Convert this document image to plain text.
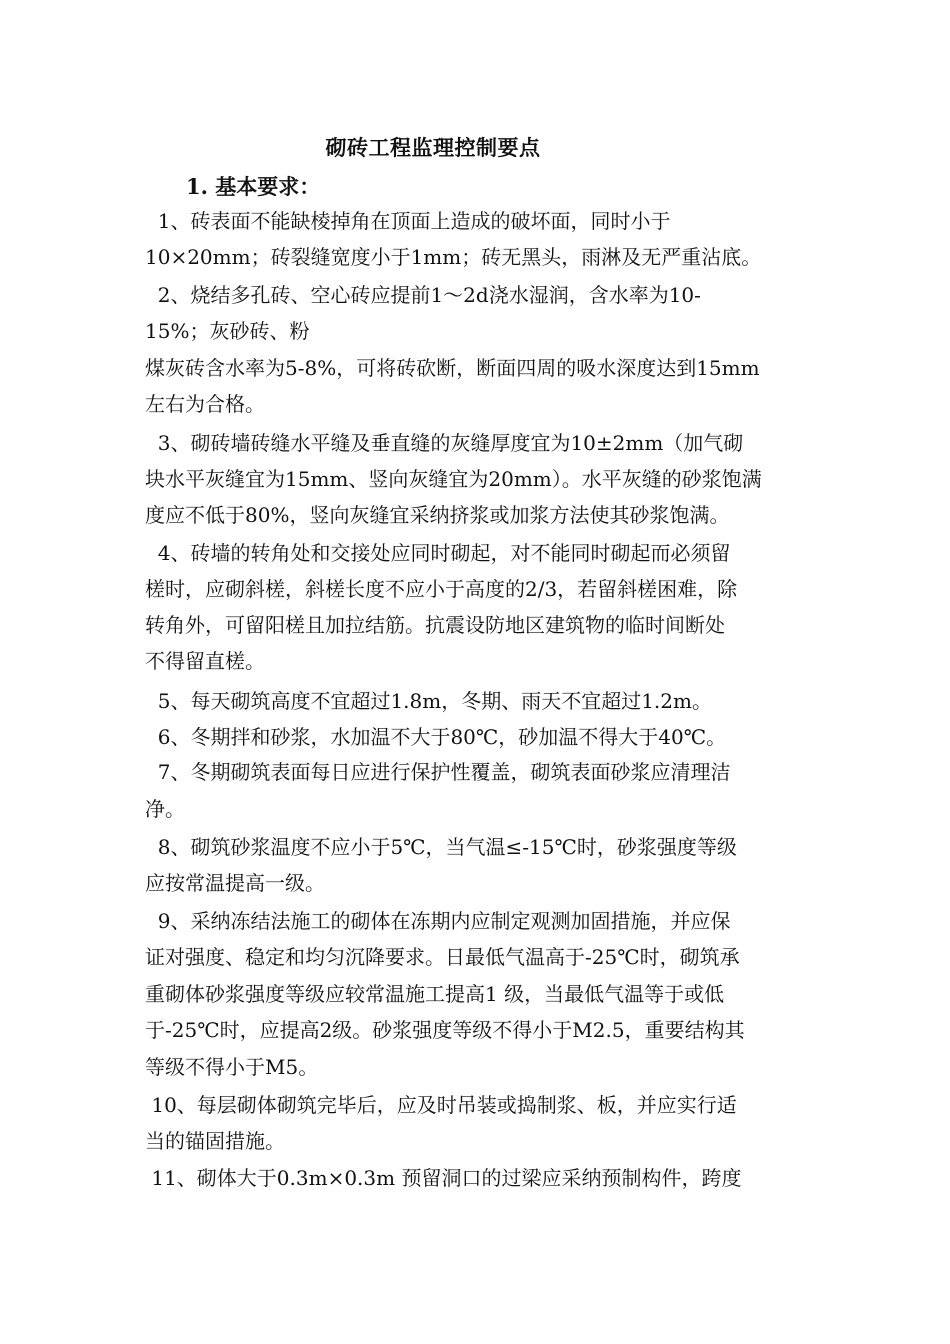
砌砖工程监理控制要点
1. 基本要求：
1、砖表面不能缺棱掉角在顶面上造成的破坏面，同时小于
10×20mm；砖裂缝宽度小于1mm；砖无黑头，雨淋及无严重沾底。
2、烧结多孔砖、空心砖应提前1～2d浇水湿润，含水率为10-
15%；灰砂砖、粉
煤灰砖含水率为5-8%，可将砖砍断，断面四周的吸水深度达到15mm
左右为合格。
3、砌砖墙砖缝水平缝及垂直缝的灰缝厚度宜为10±2mm（加气砌
块水平灰缝宜为15mm、竖向灰缝宜为20mm）。水平灰缝的砂浆饱满
度应不低于80%，竖向灰缝宜采纳挤浆或加浆方法使其砂浆饱满。
4、砖墙的转角处和交接处应同时砌起，对不能同时砌起而必须留
槎时，应砌斜槎，斜槎长度不应小于高度的2/3，若留斜槎困难，除
转角外，可留阳槎且加拉结筋。抗震设防地区建筑物的临时间断处
不得留直槎。
5、每天砌筑高度不宜超过1.8m，冬期、雨天不宜超过1.2m。
6、冬期拌和砂浆，水加温不大于80℃，砂加温不得大于40℃。
7、冬期砌筑表面每日应进行保护性覆盖，砌筑表面砂浆应清理洁
净。
8、砌筑砂浆温度不应小于5℃，当气温≤-15℃时，砂浆强度等级
应按常温提高一级。
9、采纳冻结法施工的砌体在冻期内应制定观测加固措施，并应保
证对强度、稳定和均匀沉降要求。日最低气温高于-25℃时，砌筑承
重砌体砂浆强度等级应较常温施工提高1 级，当最低气温等于或低
于-25℃时，应提高2级。砂浆强度等级不得小于M2.5，重要结构其
等级不得小于M5。
10、每层砌体砌筑完毕后，应及时吊装或捣制浆、板，并应实行适
当的锚固措施。
11、砌体大于0.3m×0.3m 预留洞口的过梁应采纳预制构件，跨度
